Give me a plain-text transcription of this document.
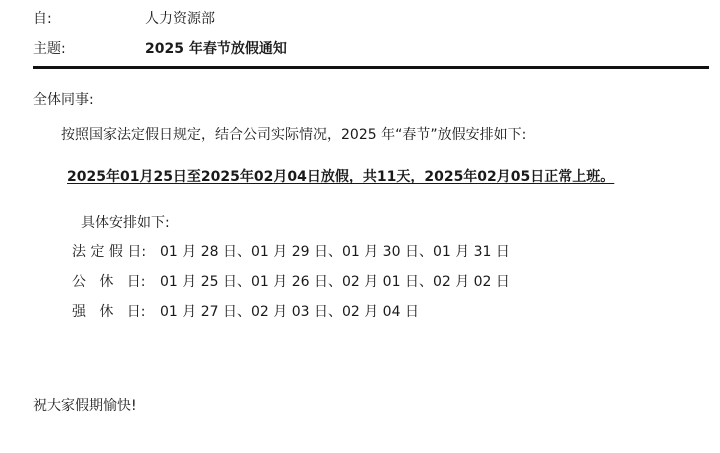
自:	人力资源部
主题:	2025 年春节放假通知
全体同事:
按照国家法定假日规定，结合公司实际情况，2025 年“春节”放假安排如下:
2025年01月25日至2025年02月04日放假，共11天，2025年02月05日正常上班。
具体安排如下:
法 定 假 日: 01 月 28 日、01 月 29 日、01 月 30 日、01 月 31 日
公   休   日: 01 月 25 日、01 月 26 日、02 月 01 日、02 月 02 日
强   休   日: 01 月 27 日、02 月 03 日、02 月 04 日
祝大家假期愉快!
